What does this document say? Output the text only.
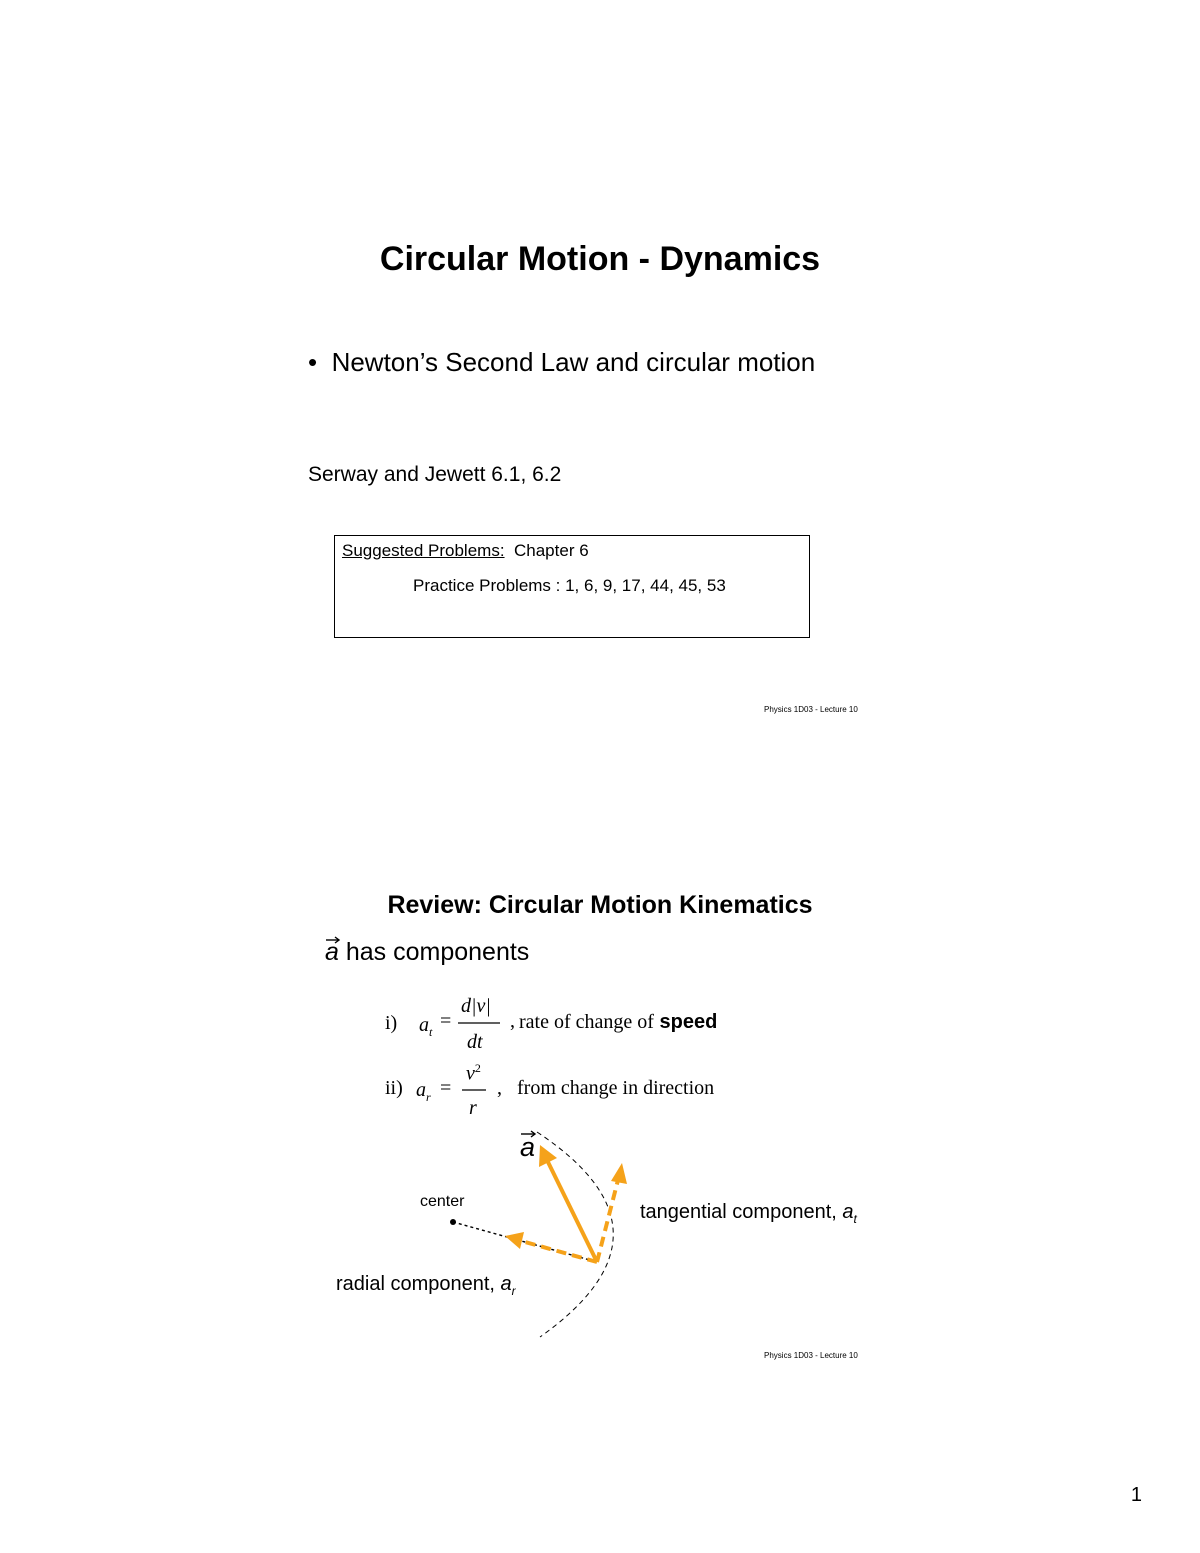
Circular Motion - Dynamics
•  Newton’s Second Law and circular motion
Serway and Jewett 6.1, 6.2
Suggested Problems: Chapter 6
Practice Problems : 1, 6, 9, 17, 44, 45, 53
Physics 1D03 - Lecture 10
Review: Circular Motion Kinematics
a has components
i) $a_t$ =
d|v|
dt
, rate of change of speed
ii) $a_r$ =
$v^2$
r
, from change in direction
a
center	tangential component, $a_t$
radial component, $a_r$
Physics 1D03 - Lecture 10
1
